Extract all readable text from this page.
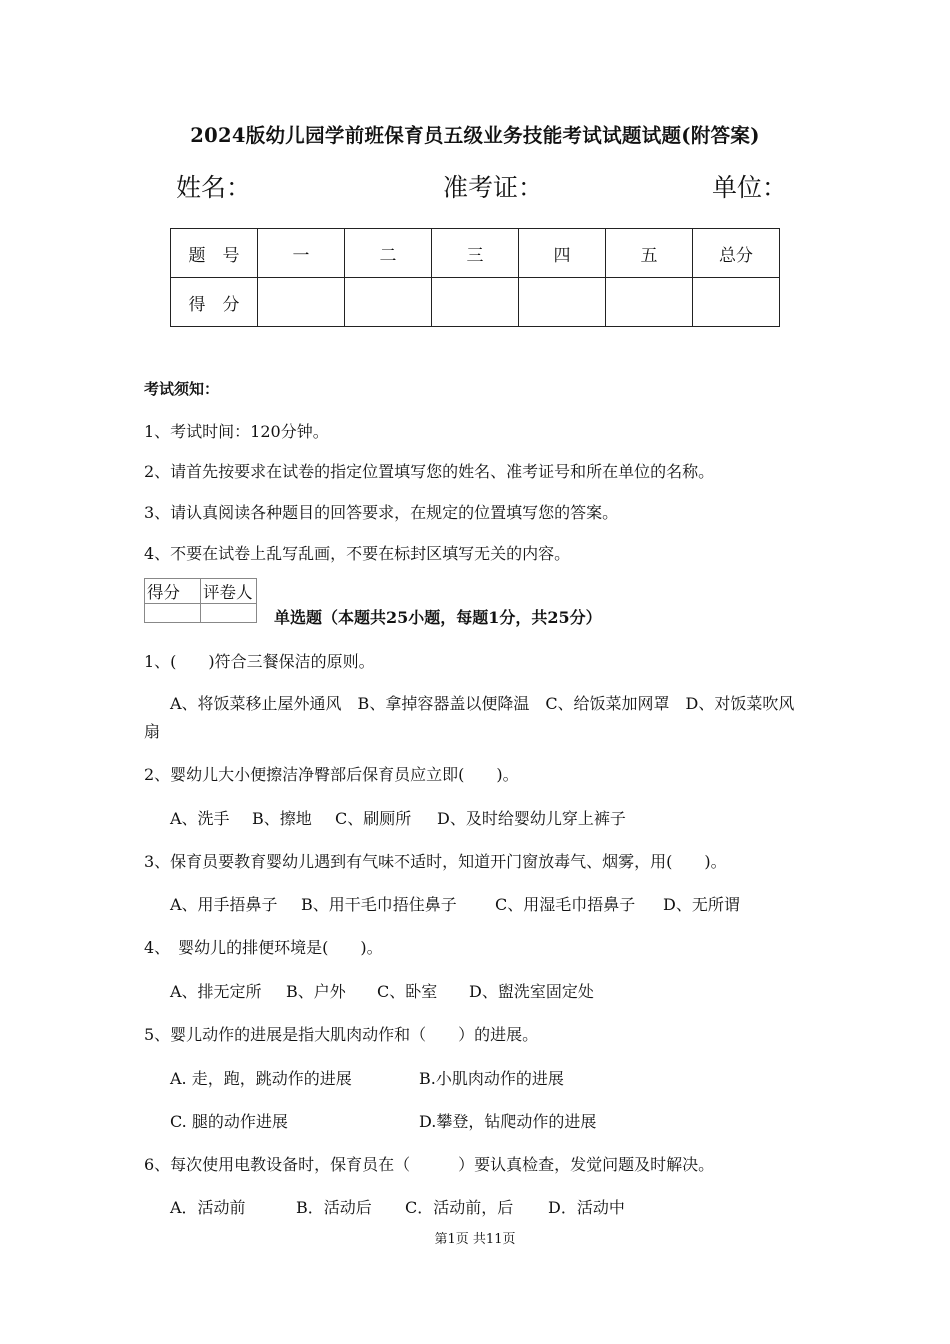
2024版幼儿园学前班保育员五级业务技能考试试题试题(附答案)
姓名：	准考证：	单位：
题　号	一	二	三	四	五	总分
得　分						
考试须知：
1、考试时间：120分钟。
2、请首先按要求在试卷的指定位置填写您的姓名、准考证号和所在单位的名称。
3、请认真阅读各种题目的回答要求，在规定的位置填写您的答案。
4、不要在试卷上乱写乱画，不要在标封区填写无关的内容。
得分	评卷人

单选题（本题共25小题，每题1分，共25分）
1、(　　)符合三餐保洁的原则。
A、将饭菜移止屋外通风　B、拿掉容器盖以便降温　C、给饭菜加网罩　D、对饭菜吹风
扇
2、婴幼儿大小便擦洁净臀部后保育员应立即(　　)。
A、洗手 B、擦地 C、刷厕所 D、及时给婴幼儿穿上裤子
3、保育员要教育婴幼儿遇到有气味不适时，知道开门窗放毒气、烟雾，用(　　)。
A、用手捂鼻子 B、用干毛巾捂住鼻子 C、用湿毛巾捂鼻子 D、无所谓
4、　婴幼儿的排便环境是(　　)。
A、排无定所 B、户外 C、卧室 D、盥洗室固定处
5、婴儿动作的进展是指大肌肉动作和（　　）的进展。
A. 走，跑，跳动作的进展	B.小肌肉动作的进展
C. 腿的动作进展	D.攀登，钻爬动作的进展
6、每次使用电教设备时，保育员在（　　　）要认真检查，发觉问题及时解决。
A．活动前	B．活动后 C．活动前，后 D．活动中
第1页 共11页
